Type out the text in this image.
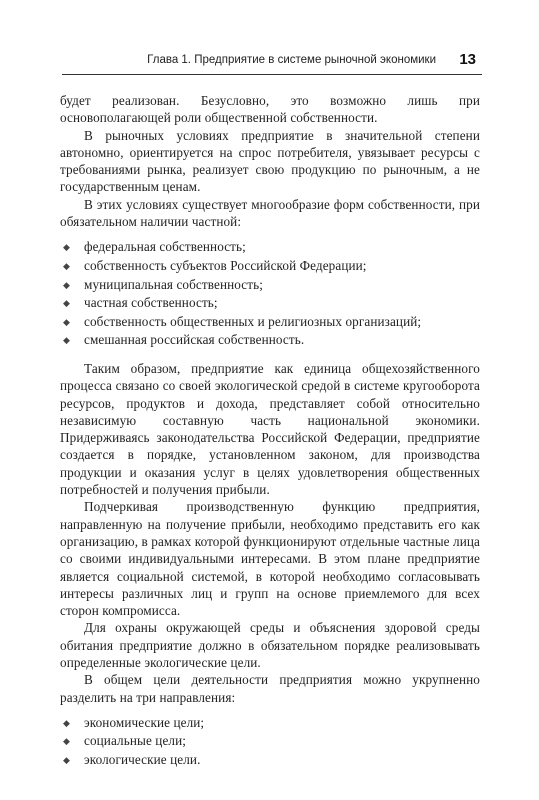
Глава 1. Предприятие в системе рыночной экономики 13

будет реализован. Безусловно, это возможно лишь при основополагающей роли общественной собственности.

В рыночных условиях предприятие в значительной степени автономно, ориентируется на спрос потребителя, увязывает ресурсы с требованиями рынка, реализует свою продукцию по рыночным, а не государственным ценам.

В этих условиях существует многообразие форм собственности, при обязательном наличии частной:

◆ федеральная собственность;
◆ собственность субъектов Российской Федерации;
◆ муниципальная собственность;
◆ частная собственность;
◆ собственность общественных и религиозных организаций;
◆ смешанная российская собственность.

Таким образом, предприятие как единица общехозяйственного процесса связано со своей экологической средой в системе кругооборота ресурсов, продуктов и дохода, представляет собой относительно независимую составную часть национальной экономики. Придерживаясь законодательства Российской Федерации, предприятие создается в порядке, установленном законом, для производства продукции и оказания услуг в целях удовлетворения общественных потребностей и получения прибыли.

Подчеркивая производственную функцию предприятия, направленную на получение прибыли, необходимо представить его как организацию, в рамках которой функционируют отдельные частные лица со своими индивидуальными интересами. В этом плане предприятие является социальной системой, в которой необходимо согласовывать интересы различных лиц и групп на основе приемлемого для всех сторон компромисса.

Для охраны окружающей среды и объяснения здоровой среды обитания предприятие должно в обязательном порядке реализовывать определенные экологические цели.

В общем цели деятельности предприятия можно укрупненно разделить на три направления:

◆ экономические цели;
◆ социальные цели;
◆ экологические цели.
